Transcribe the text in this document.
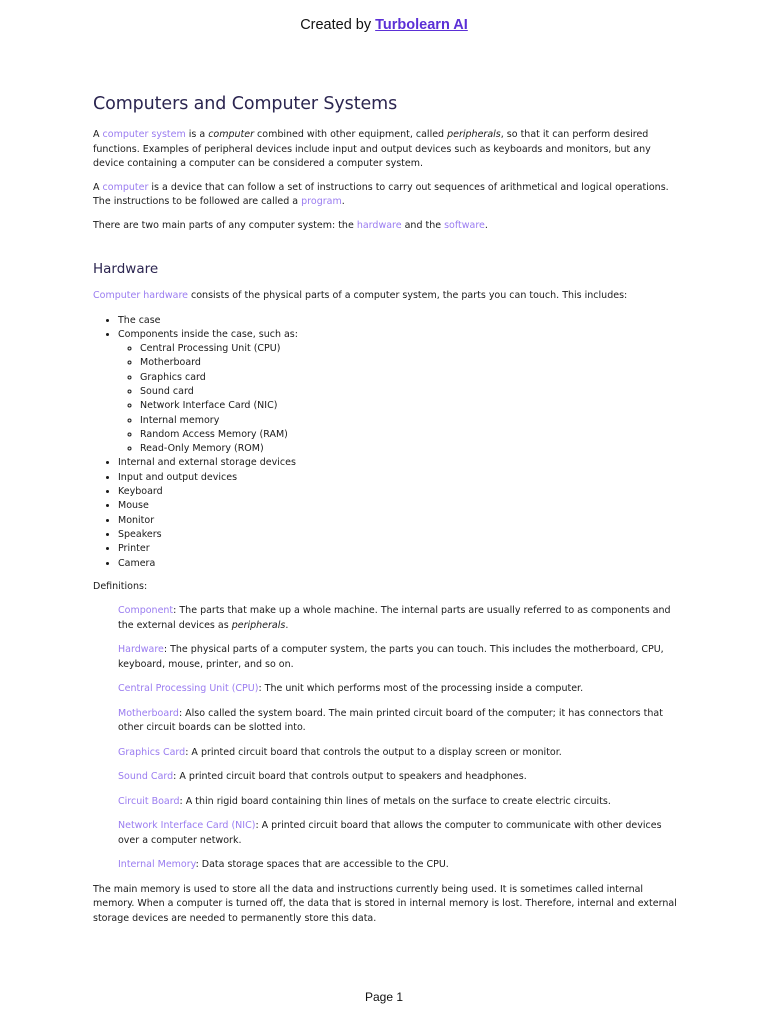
Created by Turbolearn AI
Computers and Computer Systems

A computer system is a computer combined with other equipment, called peripherals, so that it can perform desired functions. Examples of peripheral devices include input and output devices such as keyboards and monitors, but any device containing a computer can be considered a computer system.

A computer is a device that can follow a set of instructions to carry out sequences of arithmetical and logical operations. The instructions to be followed are called a program.

There are two main parts of any computer system: the hardware and the software.

Hardware

Computer hardware consists of the physical parts of a computer system, the parts you can touch. This includes:

• The case
• Components inside the case, such as:
◦ Central Processing Unit (CPU)
◦ Motherboard
◦ Graphics card
◦ Sound card
◦ Network Interface Card (NIC)
◦ Internal memory
◦ Random Access Memory (RAM)
◦ Read-Only Memory (ROM)
• Internal and external storage devices
• Input and output devices
• Keyboard
• Mouse
• Monitor
• Speakers
• Printer
• Camera

Definitions:

Component: The parts that make up a whole machine. The internal parts are usually referred to as components and the external devices as peripherals.

Hardware: The physical parts of a computer system, the parts you can touch. This includes the motherboard, CPU, keyboard, mouse, printer, and so on.

Central Processing Unit (CPU): The unit which performs most of the processing inside a computer.

Motherboard: Also called the system board. The main printed circuit board of the computer; it has connectors that other circuit boards can be slotted into.

Graphics Card: A printed circuit board that controls the output to a display screen or monitor.

Sound Card: A printed circuit board that controls output to speakers and headphones.

Circuit Board: A thin rigid board containing thin lines of metals on the surface to create electric circuits.

Network Interface Card (NIC): A printed circuit board that allows the computer to communicate with other devices over a computer network.

Internal Memory: Data storage spaces that are accessible to the CPU.

The main memory is used to store all the data and instructions currently being used. It is sometimes called internal memory. When a computer is turned off, the data that is stored in internal memory is lost. Therefore, internal and external storage devices are needed to permanently store this data.

Page 1
